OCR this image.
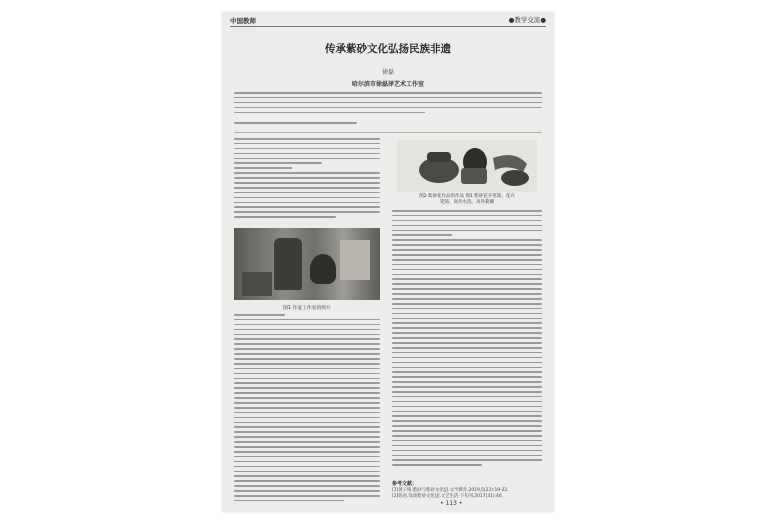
中国教师	●教学交流●
传承紫砂文化弘扬民族非遗
徐磊
哈尔滨市徐磊泽艺术工作室
图1 作壶工作室的照片
图2 紫砂花作品的作品 图1 紫砂花卉笔筒、花卉
笔筒、高外水洗、高外菊瓣
参考文献：
[1]黄子格.紫砂与紫砂文化[J].文学教育,2019,5(22):19-22.
[2]陈君.浅谈紫砂文化[J].文艺生活·下旬刊,2017(31):46.
• 113 •
